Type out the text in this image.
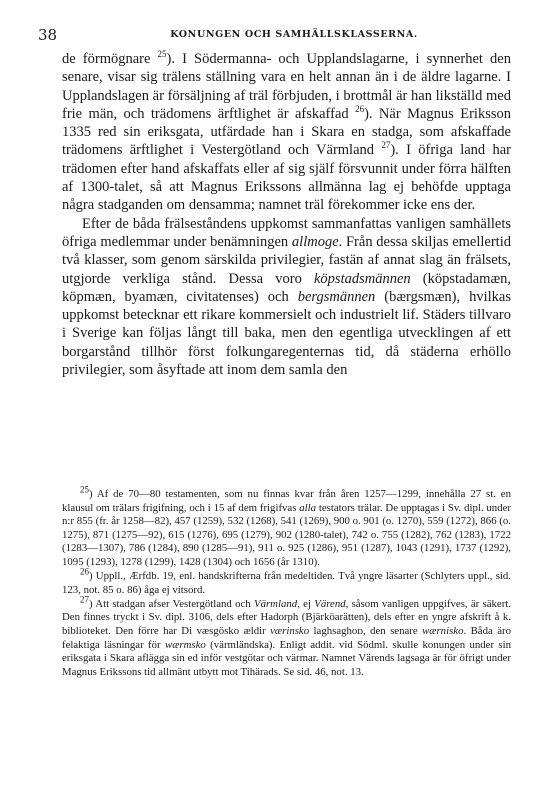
38	KONUNGEN OCH SAMHÄLLSKLASSERNA.

de förmögnare $^{25}$). I Södermanna- och Upplandslagarne, i synnerhet den senare, visar sig trälens ställning vara en helt annan än i de äldre lagarne. I Upplandslagen är försäljning af träl förbjuden, i brottmål är han likställd med frie män, och trädomens ärftlighet är afskaffad $^{26}$). När Magnus Eriksson 1335 red sin eriksgata, utfärdade han i Skara en stadga, som afskaffade trädomens ärftlighet i Vestergötland och Värmland $^{27}$). I öfriga land har trädomen efter hand afskaffats eller af sig själf försvunnit under förra hälften af 1300-talet, så att Magnus Erikssons allmänna lag ej behöfde upptaga några stadganden om densamma; namnet träl förekommer icke ens der.

Efter de båda frälseståndens uppkomst sammanfattas vanligen samhällets öfriga medlemmar under benämningen allmoge. Från dessa skiljas emellertid två klasser, som genom särskilda privilegier, fastän af annat slag än frälsets, utgjorde verkliga stånd. Dessa voro köpstadsmännen (köpstadamæn, köpmæn, byamæn, civitatenses) och bergsmännen (bærgsmæn), hvilkas uppkomst betecknar ett rikare kommersielt och industrielt lif. Städers tillvaro i Sverige kan följas långt till baka, men den egentliga utvecklingen af ett borgarstånd tillhör först folkungaregenternas tid, då städerna erhöllo privilegier, som åsyftade att inom dem samla den

$^{25}$) Af de 70—80 testamenten, som nu finnas kvar från åren 1257—1299, innehålla 27 st. en klausul om trälars frigifning, och i 15 af dem frigifvas alla testators trälar. De upptagas i Sv. dipl. under n:r 855 (fr. år 1258—82), 457 (1259), 532 (1268), 541 (1269), 900 o. 901 (o. 1270), 559 (1272), 866 (o. 1275), 871 (1275—92), 615 (1276), 695 (1279), 902 (1280-talet), 742 o. 755 (1282), 762 (1283), 1722 (1283—1307), 786 (1284), 890 (1285—91), 911 o. 925 (1286), 951 (1287), 1043 (1291), 1737 (1292), 1095 (1293), 1278 (1299), 1428 (1304) och 1656 (år 1310).

$^{26}$) Uppll., Ærfdb. 19, enl. handskrifterna från medeltiden. Två yngre läsarter (Schlyters uppl., sid. 123, not. 85 o. 86) åga ej vitsord.

$^{27}$) Att stadgan afser Vestergötland och Värmland, ej Värend, såsom vanligen uppgifves, är säkert. Den finnes tryckt i Sv. dipl. 3106, dels efter Hadorph (Bjärköarätten), dels efter en yngre afskrift å k. biblioteket. Den förre har Di væsgösko ældir værinsko laghsaghoᴅ, den senare wærnisko. Båda äro felaktiga läsningar för wærmsko (värmländska). Enligt addit. vid Södml. skulle konungen under sin eriksgata i Skara aflägga sin ed inför vestgötar och värmar. Namnet Värends lagsaga är för öfrigt under Magnus Erikssons tid allmänt utbytt mot Tihärads. Se sid. 46, not. 13.
